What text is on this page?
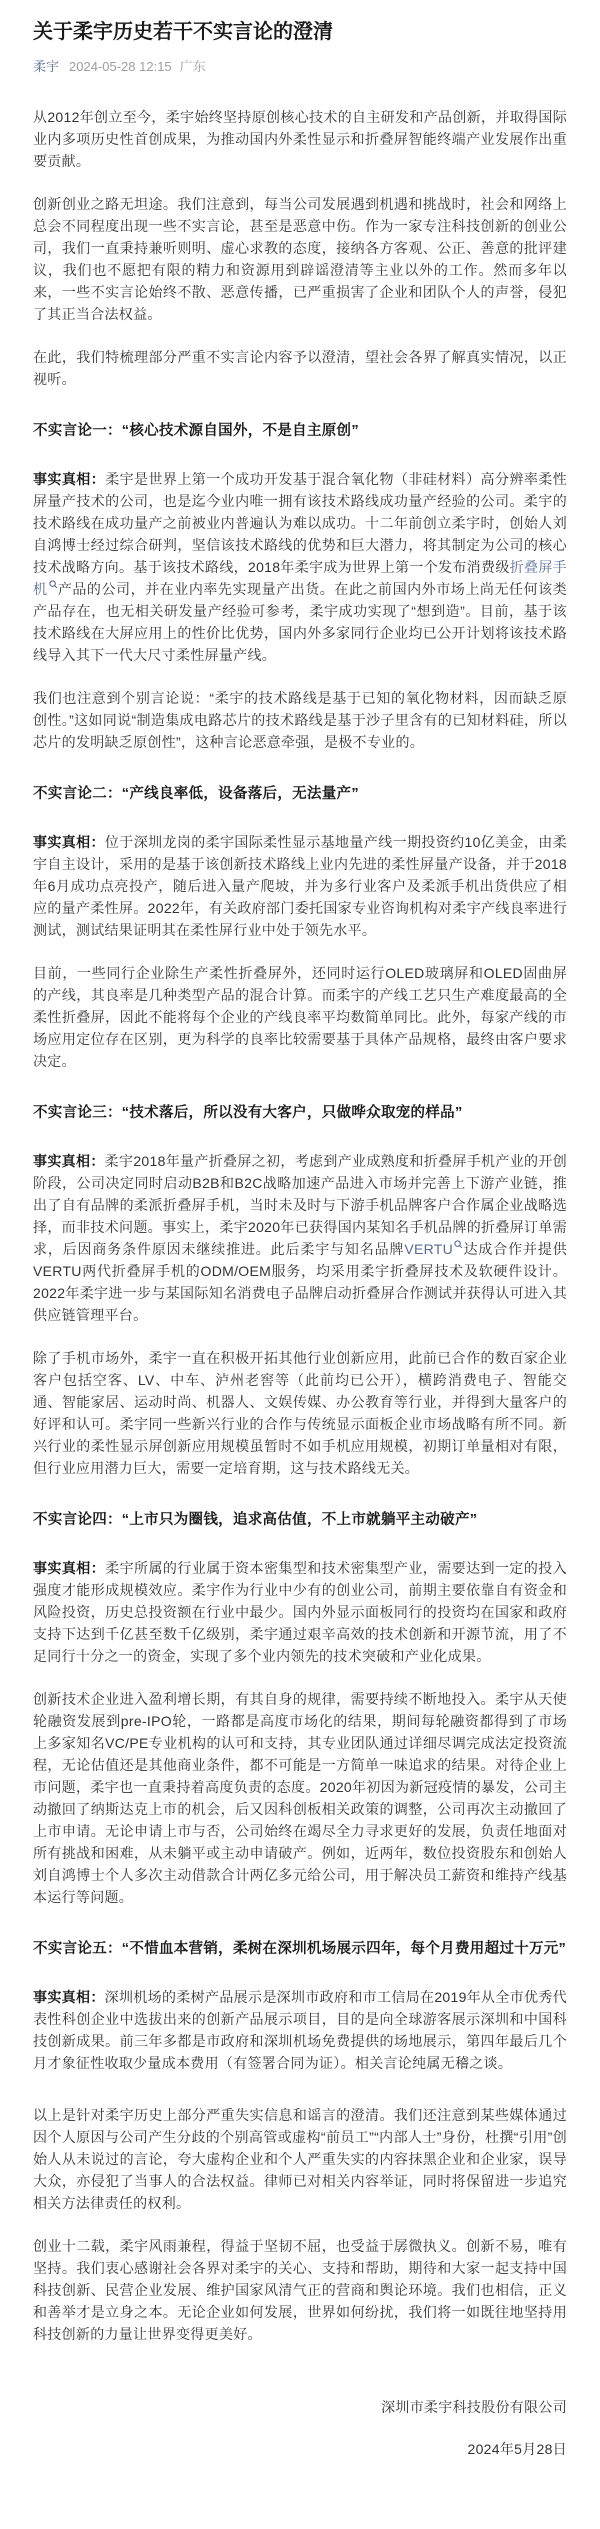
关于柔宇历史若干不实言论的澄清
柔宇 2024-05-28 12:15 广东

从2012年创立至今，柔宇始终坚持原创核心技术的自主研发和产品创新，并取得国际业内多项历史性首创成果，为推动国内外柔性显示和折叠屏智能终端产业发展作出重要贡献。

创新创业之路无坦途。我们注意到，每当公司发展遇到机遇和挑战时，社会和网络上总会不同程度出现一些不实言论，甚至是恶意中伤。作为一家专注科技创新的创业公司，我们一直秉持兼听则明、虚心求教的态度，接纳各方客观、公正、善意的批评建议，我们也不愿把有限的精力和资源用到辟谣澄清等主业以外的工作。然而多年以来，一些不实言论始终不散、恶意传播，已严重损害了企业和团队个人的声誉，侵犯了其正当合法权益。

在此，我们特梳理部分严重不实言论内容予以澄清，望社会各界了解真实情况，以正视听。

不实言论一：“核心技术源自国外，不是自主原创”

事实真相：柔宇是世界上第一个成功开发基于混合氧化物（非硅材料）高分辨率柔性屏量产技术的公司，也是迄今业内唯一拥有该技术路线成功量产经验的公司。柔宇的技术路线在成功量产之前被业内普遍认为难以成功。十二年前创立柔宇时，创始人刘自鸿博士经过综合研判，坚信该技术路线的优势和巨大潜力，将其制定为公司的核心技术战略方向。基于该技术路线，2018年柔宇成为世界上第一个发布消费级折叠屏手机 产品的公司，并在业内率先实现量产出货。在此之前国内外市场上尚无任何该类产品存在，也无相关研发量产经验可参考，柔宇成功实现了“想到造”。目前，基于该技术路线在大屏应用上的性价比优势，国内外多家同行企业均已公开计划将该技术路线导入其下一代大尺寸柔性屏量产线。

我们也注意到个别言论说：“柔宇的技术路线是基于已知的氧化物材料，因而缺乏原创性。”这如同说“制造集成电路芯片的技术路线是基于沙子里含有的已知材料硅，所以芯片的发明缺乏原创性”，这种言论恶意牵强，是极不专业的。

不实言论二：“产线良率低，设备落后，无法量产”

事实真相：位于深圳龙岗的柔宇国际柔性显示基地量产线一期投资约10亿美金，由柔宇自主设计，采用的是基于该创新技术路线上业内先进的柔性屏量产设备，并于2018年6月成功点亮投产，随后进入量产爬坡，并为多行业客户及柔派手机出货供应了相应的量产柔性屏。2022年，有关政府部门委托国家专业咨询机构对柔宇产线良率进行测试，测试结果证明其在柔性屏行业中处于领先水平。

目前，一些同行企业除生产柔性折叠屏外，还同时运行OLED玻璃屏和OLED固曲屏的产线，其良率是几种类型产品的混合计算。而柔宇的产线工艺只生产难度最高的全柔性折叠屏，因此不能将每个企业的产线良率平均数简单同比。此外，每家产线的市场应用定位存在区别，更为科学的良率比较需要基于具体产品规格，最终由客户要求决定。

不实言论三：“技术落后，所以没有大客户，只做哗众取宠的样品”

事实真相：柔宇2018年量产折叠屏之初，考虑到产业成熟度和折叠屏手机产业的开创阶段，公司决定同时启动B2B和B2C战略加速产品进入市场并完善上下游产业链，推出了自有品牌的柔派折叠屏手机，当时未及时与下游手机品牌客户合作属企业战略选择，而非技术问题。事实上，柔宇2020年已获得国内某知名手机品牌的折叠屏订单需求，后因商务条件原因未继续推进。此后柔宇与知名品牌VERTU 达成合作并提供VERTU两代折叠屏手机的ODM/OEM服务，均采用柔宇折叠屏技术及软硬件设计。2022年柔宇进一步与某国际知名消费电子品牌启动折叠屏合作测试并获得认可进入其供应链管理平台。

除了手机市场外，柔宇一直在积极开拓其他行业创新应用，此前已合作的数百家企业客户包括空客、LV、中车、泸州老窖等（此前均已公开），横跨消费电子、智能交通、智能家居、运动时尚、机器人、文娱传媒、办公教育等行业，并得到大量客户的好评和认可。柔宇同一些新兴行业的合作与传统显示面板企业市场战略有所不同。新兴行业的柔性显示屏创新应用规模虽暂时不如手机应用规模，初期订单量相对有限，但行业应用潜力巨大，需要一定培育期，这与技术路线无关。

不实言论四：“上市只为圈钱，追求高估值，不上市就躺平主动破产”

事实真相：柔宇所属的行业属于资本密集型和技术密集型产业，需要达到一定的投入强度才能形成规模效应。柔宇作为行业中少有的创业公司，前期主要依靠自有资金和风险投资，历史总投资额在行业中最少。国内外显示面板同行的投资均在国家和政府支持下达到千亿甚至数千亿级别，柔宇通过艰辛高效的技术创新和开源节流，用了不足同行十分之一的资金，实现了多个业内领先的技术突破和产业化成果。

创新技术企业进入盈利增长期，有其自身的规律，需要持续不断地投入。柔宇从天使轮融资发展到pre-IPO轮，一路都是高度市场化的结果，期间每轮融资都得到了市场上多家知名VC/PE专业机构的认可和支持，其专业团队通过详细尽调完成法定投资流程，无论估值还是其他商业条件，都不可能是一方简单一味追求的结果。对待企业上市问题，柔宇也一直秉持着高度负责的态度。2020年初因为新冠疫情的暴发，公司主动撤回了纳斯达克上市的机会，后又因科创板相关政策的调整，公司再次主动撤回了上市申请。无论申请上市与否，公司始终在竭尽全力寻求更好的发展，负责任地面对所有挑战和困难，从未躺平或主动申请破产。例如，近两年，数位投资股东和创始人刘自鸿博士个人多次主动借款合计两亿多元给公司，用于解决员工薪资和维持产线基本运行等问题。

不实言论五：“不惜血本营销，柔树在深圳机场展示四年，每个月费用超过十万元”

事实真相：深圳机场的柔树产品展示是深圳市政府和市工信局在2019年从全市优秀代表性科创企业中选拔出来的创新产品展示项目，目的是向全球游客展示深圳和中国科技创新成果。前三年多都是市政府和深圳机场免费提供的场地展示，第四年最后几个月才象征性收取少量成本费用（有签署合同为证）。相关言论纯属无稽之谈。

以上是针对柔宇历史上部分严重失实信息和谣言的澄清。我们还注意到某些媒体通过因个人原因与公司产生分歧的个别高管或虚构“前员工”“内部人士”身份，杜撰“引用”创始人从未说过的言论，夸大虚构企业和个人严重失实的内容抹黑企业和企业家，误导大众，亦侵犯了当事人的合法权益。律师已对相关内容举证，同时将保留进一步追究相关方法律责任的权利。

创业十二载，柔宇风雨兼程，得益于坚韧不屈，也受益于孱微执义。创新不易，唯有坚持。我们衷心感谢社会各界对柔宇的关心、支持和帮助，期待和大家一起支持中国科技创新、民营企业发展、维护国家风清气正的营商和舆论环境。我们也相信，正义和善举才是立身之本。无论企业如何发展，世界如何纷扰，我们将一如既往地坚持用科技创新的力量让世界变得更美好。

深圳市柔宇科技股份有限公司

2024年5月28日
